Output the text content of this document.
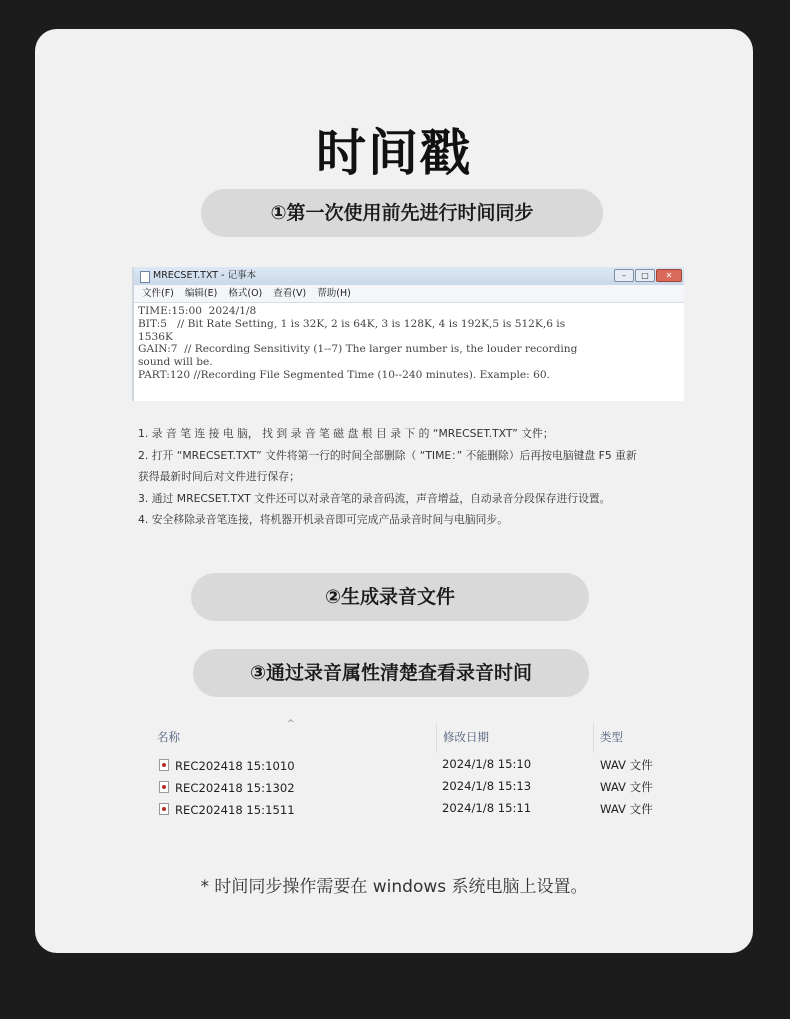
时间戳
①第一次使用前先进行时间同步
MRECSET.TXT - 记事本	– □ ✕
文件(F) 编辑(E) 格式(O) 查看(V) 帮助(H)
TIME:15:00  2024/1/8
BIT:5   // Bit Rate Setting, 1 is 32K, 2 is 64K, 3 is 128K, 4 is 192K,5 is 512K,6 is
1536K
GAIN:7  // Recording Sensitivity (1--7) The larger number is, the louder recording
sound will be.
PART:120 //Recording File Segmented Time (10--240 minutes). Example: 60.
1. 录 音 笔 连 接 电 脑， 找 到 录 音 笔 磁 盘 根 目 录 下 的 “MRECSET.TXT” 文件；
2. 打开 “MRECSET.TXT” 文件将第一行的时间全部删除（ “TIME：” 不能删除）后再按电脑键盘 F5 重新
获得最新时间后对文件进行保存；
3. 通过 MRECSET.TXT 文件还可以对录音笔的录音码流，声音增益，自动录音分段保存进行设置。
4. 安全移除录音笔连接，将机器开机录音即可完成产品录音时间与电脑同步。
②生成录音文件
③通过录音属性清楚查看录音时间
^
名称	修改日期	类型
REC202418 15:1010	2024/1/8 15:10	WAV 文件
REC202418 15:1302	2024/1/8 15:13	WAV 文件
REC202418 15:1511	2024/1/8 15:11	WAV 文件
* 时间同步操作需要在 windows 系统电脑上设置。
